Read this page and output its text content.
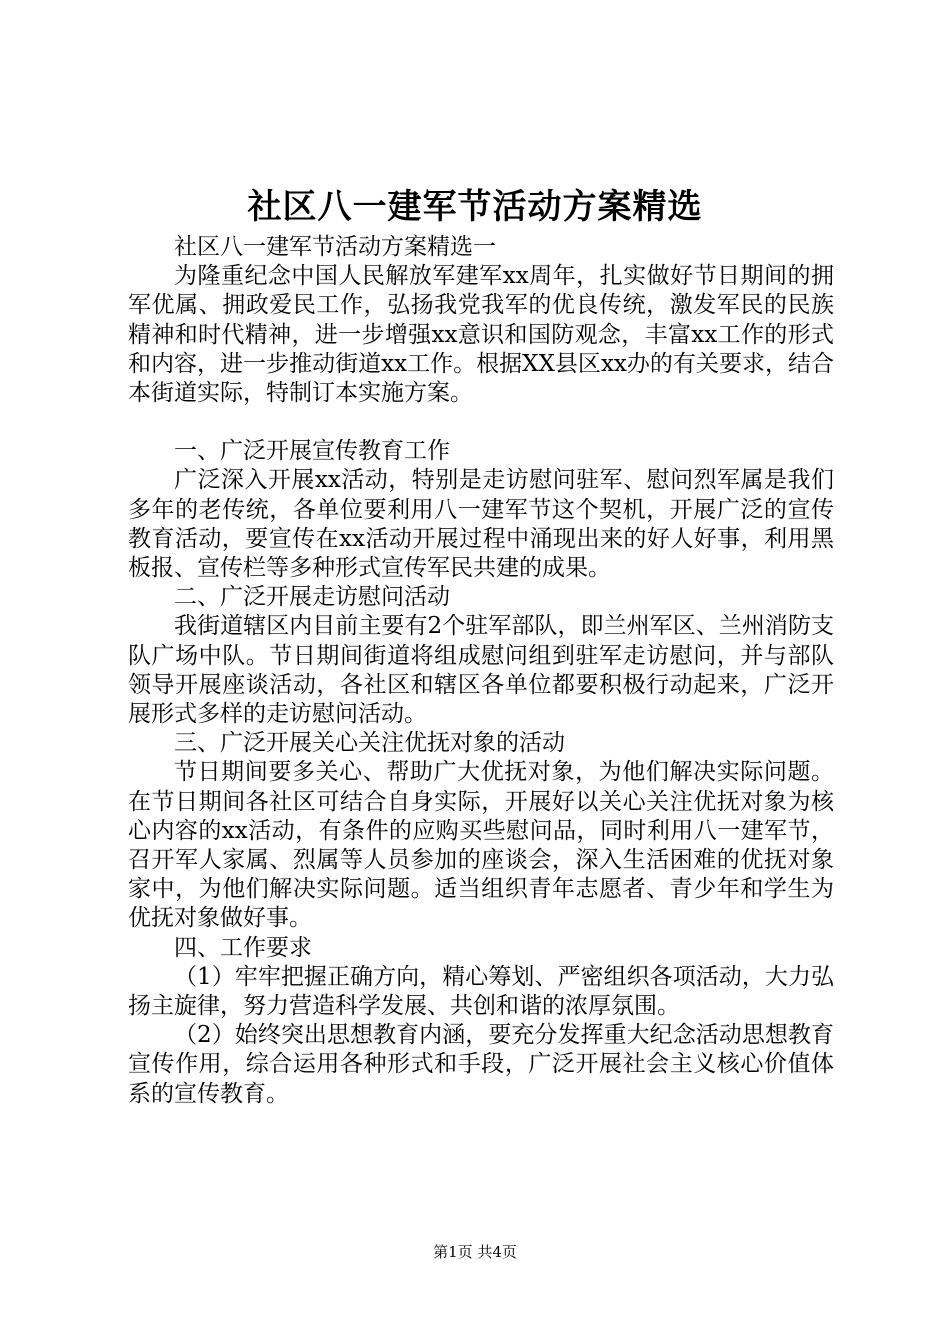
社区八一建军节活动方案精选

社区八一建军节活动方案精选一

为隆重纪念中国人民解放军建军xx周年，扎实做好节日期间的拥军优属、拥政爱民工作，弘扬我党我军的优良传统，激发军民的民族精神和时代精神，进一步增强xx意识和国防观念，丰富xx工作的形式和内容，进一步推动街道xx工作。根据XX县区xx办的有关要求，结合本街道实际，特制订本实施方案。

一、广泛开展宣传教育工作

广泛深入开展xx活动，特别是走访慰问驻军、慰问烈军属是我们多年的老传统，各单位要利用八一建军节这个契机，开展广泛的宣传教育活动，要宣传在xx活动开展过程中涌现出来的好人好事，利用黑板报、宣传栏等多种形式宣传军民共建的成果。

二、广泛开展走访慰问活动

我街道辖区内目前主要有2个驻军部队，即兰州军区、兰州消防支队广场中队。节日期间街道将组成慰问组到驻军走访慰问，并与部队领导开展座谈活动，各社区和辖区各单位都要积极行动起来，广泛开展形式多样的走访慰问活动。

三、广泛开展关心关注优抚对象的活动

节日期间要多关心、帮助广大优抚对象，为他们解决实际问题。在节日期间各社区可结合自身实际，开展好以关心关注优抚对象为核心内容的xx活动，有条件的应购买些慰问品，同时利用八一建军节，召开军人家属、烈属等人员参加的座谈会，深入生活困难的优抚对象家中，为他们解决实际问题。适当组织青年志愿者、青少年和学生为优抚对象做好事。

四、工作要求

（1）牢牢把握正确方向，精心筹划、严密组织各项活动，大力弘扬主旋律，努力营造科学发展、共创和谐的浓厚氛围。

（2）始终突出思想教育内涵，要充分发挥重大纪念活动思想教育宣传作用，综合运用各种形式和手段，广泛开展社会主义核心价值体系的宣传教育。

第1页 共4页
